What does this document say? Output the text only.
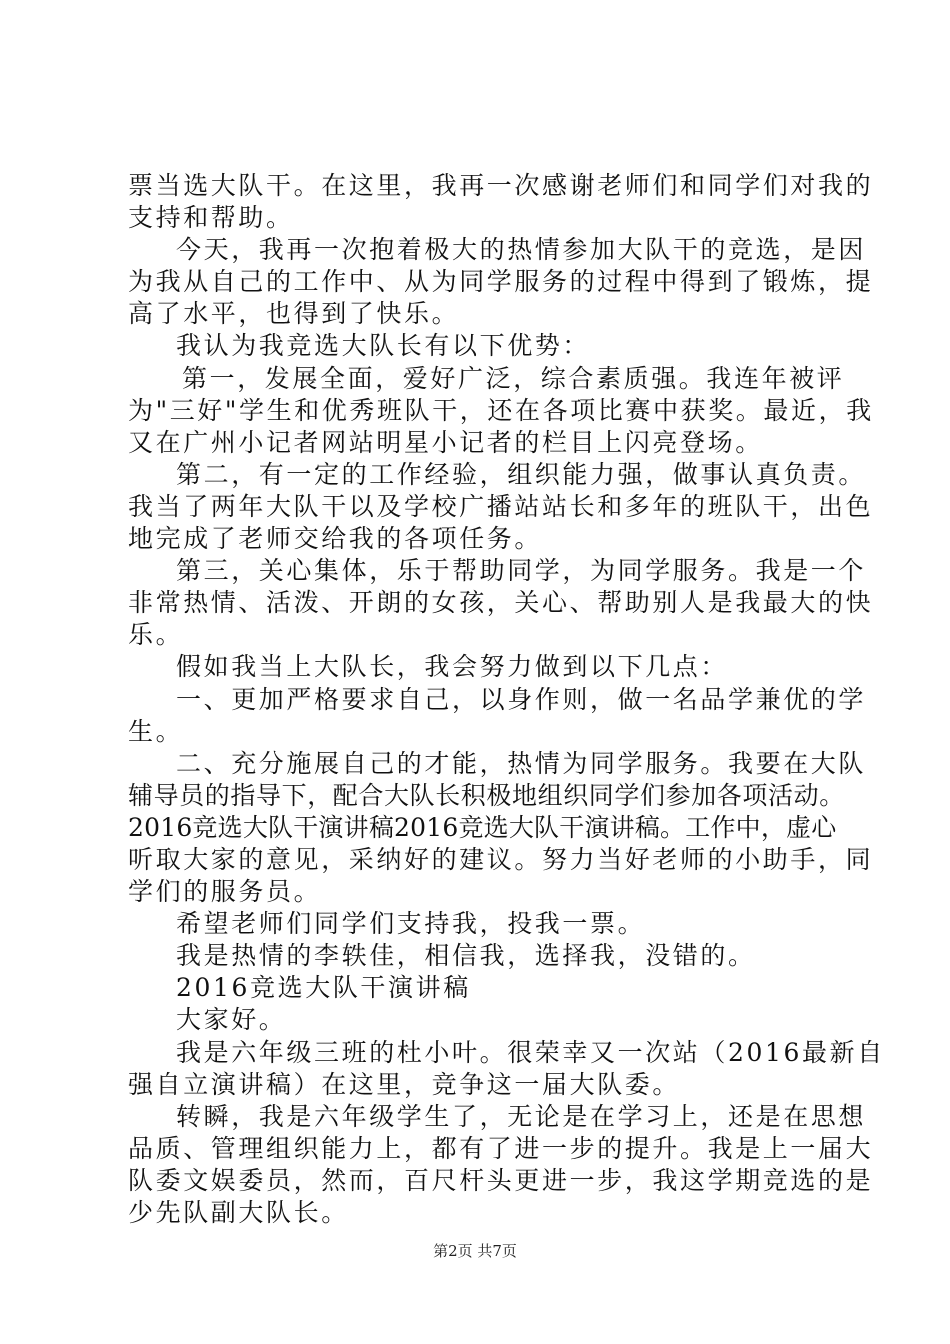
票当选大队干。在这里，我再一次感谢老师们和同学们对我的
支持和帮助。
今天，我再一次抱着极大的热情参加大队干的竞选，是因
为我从自己的工作中、从为同学服务的过程中得到了锻炼，提
高了水平，也得到了快乐。
我认为我竞选大队长有以下优势：
第一，发展全面，爱好广泛，综合素质强。我连年被评
为"三好"学生和优秀班队干，还在各项比赛中获奖。最近，我
又在广州小记者网站明星小记者的栏目上闪亮登场。
第二，有一定的工作经验，组织能力强，做事认真负责。
我当了两年大队干以及学校广播站站长和多年的班队干，出色
地完成了老师交给我的各项任务。
第三，关心集体，乐于帮助同学，为同学服务。我是一个
非常热情、活泼、开朗的女孩，关心、帮助别人是我最大的快
乐。
假如我当上大队长，我会努力做到以下几点：
一、更加严格要求自己，以身作则，做一名品学兼优的学
生。
二、充分施展自己的才能，热情为同学服务。我要在大队
辅导员的指导下，配合大队长积极地组织同学们参加各项活动。
2016竞选大队干演讲稿2016竞选大队干演讲稿。工作中，虚心
听取大家的意见，采纳好的建议。努力当好老师的小助手，同
学们的服务员。
希望老师们同学们支持我，投我一票。
我是热情的李轶佳，相信我，选择我，没错的。
2016竞选大队干演讲稿
大家好。
我是六年级三班的杜小叶。很荣幸又一次站（2016最新自
强自立演讲稿）在这里，竞争这一届大队委。
转瞬，我是六年级学生了，无论是在学习上，还是在思想
品质、管理组织能力上，都有了进一步的提升。我是上一届大
队委文娱委员，然而，百尺杆头更进一步，我这学期竞选的是
少先队副大队长。
第2页 共7页
